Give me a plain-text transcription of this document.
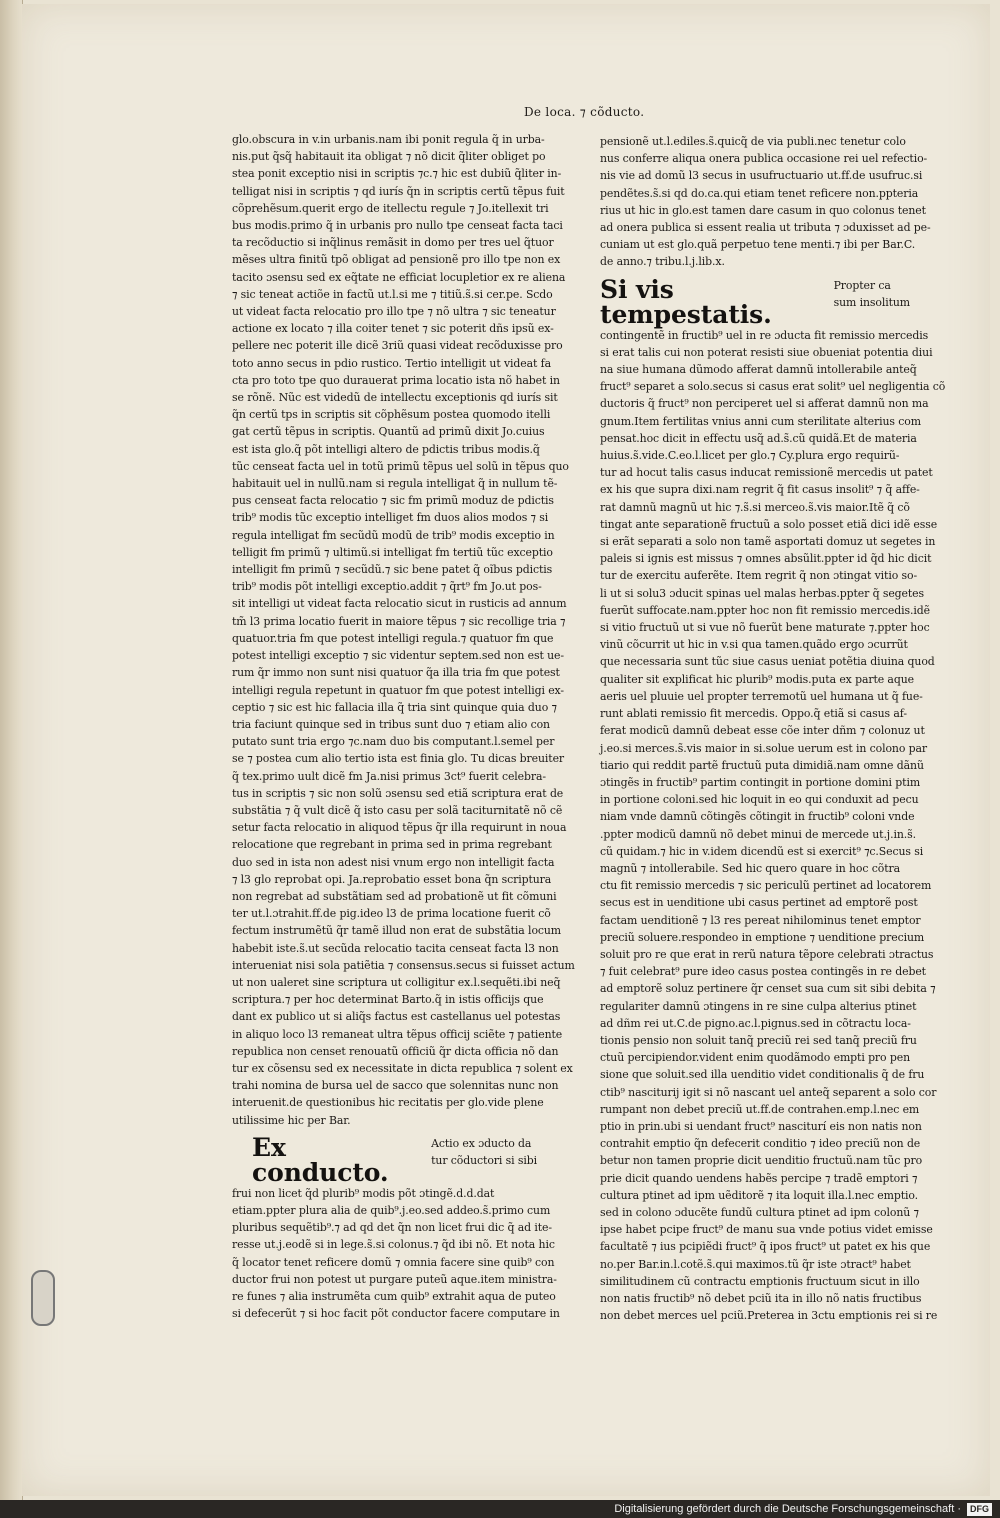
De loca. ⁊ cõducto.

glo.obscura in v.in urbanis.nam ibi ponit regula q̃ in urba-

nis.put q̃sq̃ habitauit ita obligat ⁊ nõ dicit q̃liter obliget po

stea ponit exceptio nisi in scriptis ⁊c.⁊ hic est dubiũ q̃liter in-

telligat nisi in scriptis ⁊ qd iurís q̃n in scriptis certũ tẽpus fuit

cõprehẽsum.querit ergo de itellectu regule ⁊ Jo.itellexit tri

bus modis.primo q̃ in urbanis pro nullo tpe censeat facta taci

ta recõductio si inq̃linus remãsit in domo per tres uel q̃tuor

mẽses ultra finitũ tpõ obligat ad pensionẽ pro illo tpe non ex

tacito ɔsensu sed ex eq̃tate ne efficiat locupletior ex re aliena

⁊ sic teneat actiõe in factũ ut.l.si me ⁊ titiũ.s̃.si cer.pe. Scdo

ut videat facta relocatio pro illo tpe ⁊ nõ ultra ⁊ sic teneatur

actione ex locato ⁊ illa coiter tenet ⁊ sic poterit dñs ipsũ ex-

pellere nec poterit ille dicẽ 3riũ quasi videat recõduxisse pro

toto anno secus in pdio rustico. Tertio intelligit ut videat fa

cta pro toto tpe quo durauerat prima locatio ista nõ habet in

se rõnẽ. Nũc est videdũ de intellectu exceptionis qd iurís sit

q̃n certũ tps in scriptis sit cõphẽsum postea quomodo itelli

gat certũ tẽpus in scriptis. Quantũ ad primũ dixit Jo.cuius

est ista glo.q̃ põt intelligi altero de pdictis tribus modis.q̃

tũc censeat facta uel in totũ primũ tẽpus uel solũ in tẽpus quo

habitauit uel in nullũ.nam si regula intelligat q̃ in nullum tẽ-

pus censeat facta relocatio ⁊ sic fm primũ moduz de pdictis

trib⁹ modis tũc exceptio intelliget fm duos alios modos ⁊ si

regula intelligat fm secũdũ modũ de trib⁹ modis exceptio in

telligit fm primũ ⁊ ultimũ.si intelligat fm tertiũ tũc exceptio

intelligit fm primũ ⁊ secũdũ.⁊ sic bene patet q̃ oĩbus pdictis

trib⁹ modis põt intelligi exceptio.addit ⁊ q̃rt⁹ fm Jo.ut pos-

sit intelligi ut videat facta relocatio sicut in rusticis ad annum

tm̃ l3 prima locatio fuerit in maiore tẽpus ⁊ sic recollige tria ⁊

quatuor.tria fm que potest intelligi regula.⁊ quatuor fm que

potest intelligi exceptio ⁊ sic videntur septem.sed non est ue-

rum q̃r immo non sunt nisi quatuor q̃a illa tria fm que potest

intelligi regula repetunt in quatuor fm que potest intelligi ex-

ceptio ⁊ sic est hic fallacia illa q̃ tria sint quinque quia duo ⁊

tria faciunt quinque sed in tribus sunt duo ⁊ etiam alio con

putato sunt tria ergo ⁊c.nam duo bis computant.l.semel per

se ⁊ postea cum alio tertio ista est finia glo. Tu dicas breuiter

q̃ tex.primo uult dicẽ fm Ja.nisi primus 3ct⁹ fuerit celebra-

tus in scriptis ⁊ sic non solũ ɔsensu sed etiã scriptura erat de

substãtia ⁊ q̃ vult dicẽ q̃ isto casu per solã taciturnitatẽ nõ cẽ

setur facta relocatio in aliquod tẽpus q̃r illa requirunt in noua

relocatione que regrebant in prima sed in prima regrebant

duo sed in ista non adest nisi vnum ergo non intelligit facta

⁊ l3 glo reprobat opi. Ja.reprobatio esset bona q̃n scriptura

non regrebat ad substãtiam sed ad probationẽ ut fit cõmuni

ter ut.l.ɔtrahit.ff.de pig.ideo l3 de prima locatione fuerit cõ

fectum instrumẽtũ q̃r tamẽ illud non erat de substãtia locum

habebit iste.s̃.ut secũda relocatio tacita censeat facta l3 non

interueniat nisi sola patiẽtia ⁊ consensus.secus si fuisset actum

ut non ualeret sine scriptura ut colligitur ex.l.sequẽti.ibi neq̃

scriptura.⁊ per hoc determinat Barto.q̃ in istis officijs que

dant ex publico ut si aliq̃s factus est castellanus uel potestas

in aliquo loco l3 remaneat ultra tẽpus officij sciẽte ⁊ patiente

republica non censet renouatũ officiũ q̃r dicta officia nõ dan

tur ex cõsensu sed ex necessitate in dicta republica ⁊ solent ex

trahi nomina de bursa uel de sacco que solennitas nunc non

interuenit.de questionibus hic recitatis per glo.vide plene

utilissime hic per Bar.

Ex conducto.

Actio ex ɔducto da

tur cõductori si sibi

frui non licet q̃d plurib⁹ modis põt ɔtingẽ.d.d.dat

etiam.ppter plura alia de quib⁹.j.eo.sed addeo.s̃.primo cum

pluribus sequẽtib⁹.⁊ ad qd det q̃n non licet frui dic q̃ ad ite-

resse ut.j.eodẽ si in lege.s̃.si colonus.⁊ q̃d ibi nõ. Et nota hic

q̃ locator tenet reficere domũ ⁊ omnia facere sine quib⁹ con

ductor frui non potest ut purgare puteũ aque.item ministra-

re funes ⁊ alia instrumẽta cum quib⁹ extrahit aqua de puteo

si defecerũt ⁊ si hoc facit põt conductor facere computare in

pensionẽ ut.l.ediles.s̃.quicq̃ de via publi.nec tenetur colo

nus conferre aliqua onera publica occasione rei uel refectio-

nis vie ad domũ l3 secus in usufructuario ut.ff.de usufruc.si

pendẽtes.s̃.si qd do.ca.qui etiam tenet reficere non.ppteria

rius ut hic in glo.est tamen dare casum in quo colonus tenet

ad onera publica si essent realia ut tributa ⁊ ɔduxisset ad pe-

cuniam ut est glo.quã perpetuo tene menti.⁊ ibi per Bar.C.

de anno.⁊ tribu.l.j.lib.x.

Si vis tempestatis.

Propter ca

sum insolitum

contingentẽ in fructib⁹ uel in re ɔducta fit remissio mercedis

si erat talis cui non poterat resisti siue obueniat potentia diui

na siue humana dũmodo afferat damnũ intollerabile anteq̃

fruct⁹ separet a solo.secus si casus erat solit⁹ uel negligentia cõ

ductoris q̃ fruct⁹ non perciperet uel si afferat damnũ non ma

gnum.Item fertilitas vnius anni cum sterilitate alterius com

pensat.hoc dicit in effectu usq̃ ad.s̃.cũ quidã.Et de materia

huius.s̃.vide.C.eo.l.licet per glo.⁊ Cy.plura ergo requirũ-

tur ad hocut talis casus inducat remissionẽ mercedis ut patet

ex his que supra dixi.nam regrit q̃ fit casus insolit⁹ ⁊ q̃ affe-

rat damnũ magnũ ut hic ⁊.s̃.si merceo.s̃.vis maior.Itẽ q̃ cõ

tingat ante separationẽ fructuũ a solo posset etiã dici idẽ esse

si erãt separati a solo non tamẽ asportati domuz ut segetes in

paleis si ignis est missus ⁊ omnes absũlit.ppter id q̃d hic dicit

tur de exercitu auferẽte. Item regrit q̃ non ɔtingat vitio so-

li ut si solu3 ɔducit spinas uel malas herbas.ppter q̃ segetes

fuerũt suffocate.nam.ppter hoc non fit remissio mercedis.idẽ

si vitio fructuũ ut si vue nõ fuerũt bene maturate ⁊.ppter hoc

vinũ cõcurrit ut hic in v.si qua tamen.quãdo ergo ɔcurrũt

que necessaria sunt tũc siue casus ueniat potẽtia diuina quod

qualiter sit explificat hic plurib⁹ modis.puta ex parte aque

aeris uel pluuie uel propter terremotũ uel humana ut q̃ fue-

runt ablati remissio fit mercedis. Oppo.q̃ etiã si casus af-

ferat modicũ damnũ debeat esse cõe inter dñm ⁊ colonuz ut

j.eo.si merces.s̃.vis maior in si.solue uerum est in colono par

tiario qui reddit partẽ fructuũ puta dimidiã.nam omne dãnũ

ɔtingẽs in fructib⁹ partim contingit in portione domini ptim

in portione coloni.sed hic loquit in eo qui conduxit ad pecu

niam vnde damnũ cõtingẽs cõtingit in fructib⁹ coloni vnde

.ppter modicũ damnũ nõ debet minui de mercede ut.j.in.s̃.

cũ quidam.⁊ hic in v.idem dicendũ est si exercit⁹ ⁊c.Secus si

magnũ ⁊ intollerabile. Sed hic quero quare in hoc cõtra

ctu fit remissio mercedis ⁊ sic periculũ pertinet ad locatorem

secus est in uenditione ubi casus pertinet ad emptorẽ post

factam uenditionẽ ⁊ l3 res pereat nihilominus tenet emptor

preciũ soluere.respondeo in emptione ⁊ uenditione precium

soluit pro re que erat in rerũ natura tẽpore celebrati ɔtractus

⁊ fuit celebrat⁹ pure ideo casus postea contingẽs in re debet

ad emptorẽ soluz pertinere q̃r censet sua cum sit sibi debita ⁊

regulariter damnũ ɔtingens in re sine culpa alterius ptinet

ad dñm rei ut.C.de pigno.ac.l.pignus.sed in cõtractu loca-

tionis pensio non soluit tanq̃ preciũ rei sed tanq̃ preciũ fru

ctuũ percipiendor.vident enim quodãmodo empti pro pen

sione que soluit.sed illa uenditio videt conditionalis q̃ de fru

ctib⁹ nasciturij igit si nõ nascant uel anteq̃ separent a solo cor

rumpant non debet preciũ ut.ff.de contrahen.emp.l.nec em

ptio in prin.ubi si uendant fruct⁹ nasciturí eis non natis non

contrahit emptio q̃n defecerit conditio ⁊ ideo preciũ non de

betur non tamen proprie dicit uenditio fructuũ.nam tũc pro

prie dicit quando uendens habẽs percipe ⁊ tradẽ emptori ⁊

cultura ptinet ad ipm uẽditorẽ ⁊ ita loquit illa.l.nec emptio.

sed in colono ɔducẽte fundũ cultura ptinet ad ipm colonũ ⁊

ipse habet pcipe fruct⁹ de manu sua vnde potius videt emisse

facultatẽ ⁊ ius pcipiẽdi fruct⁹ q̃ ipos fruct⁹ ut patet ex his que

no.per Bar.in.l.cotẽ.s̃.qui maximos.tũ q̃r iste ɔtract⁹ habet

similitudinem cũ contractu emptionis fructuum sicut in illo

non natis fructib⁹ nõ debet pciũ ita in illo nõ natis fructibus

non debet merces uel pciũ.Preterea in 3ctu emptionis rei si re

Digitalisierung gefördert durch die Deutsche Forschungsgemeinschaft ·	DFG
